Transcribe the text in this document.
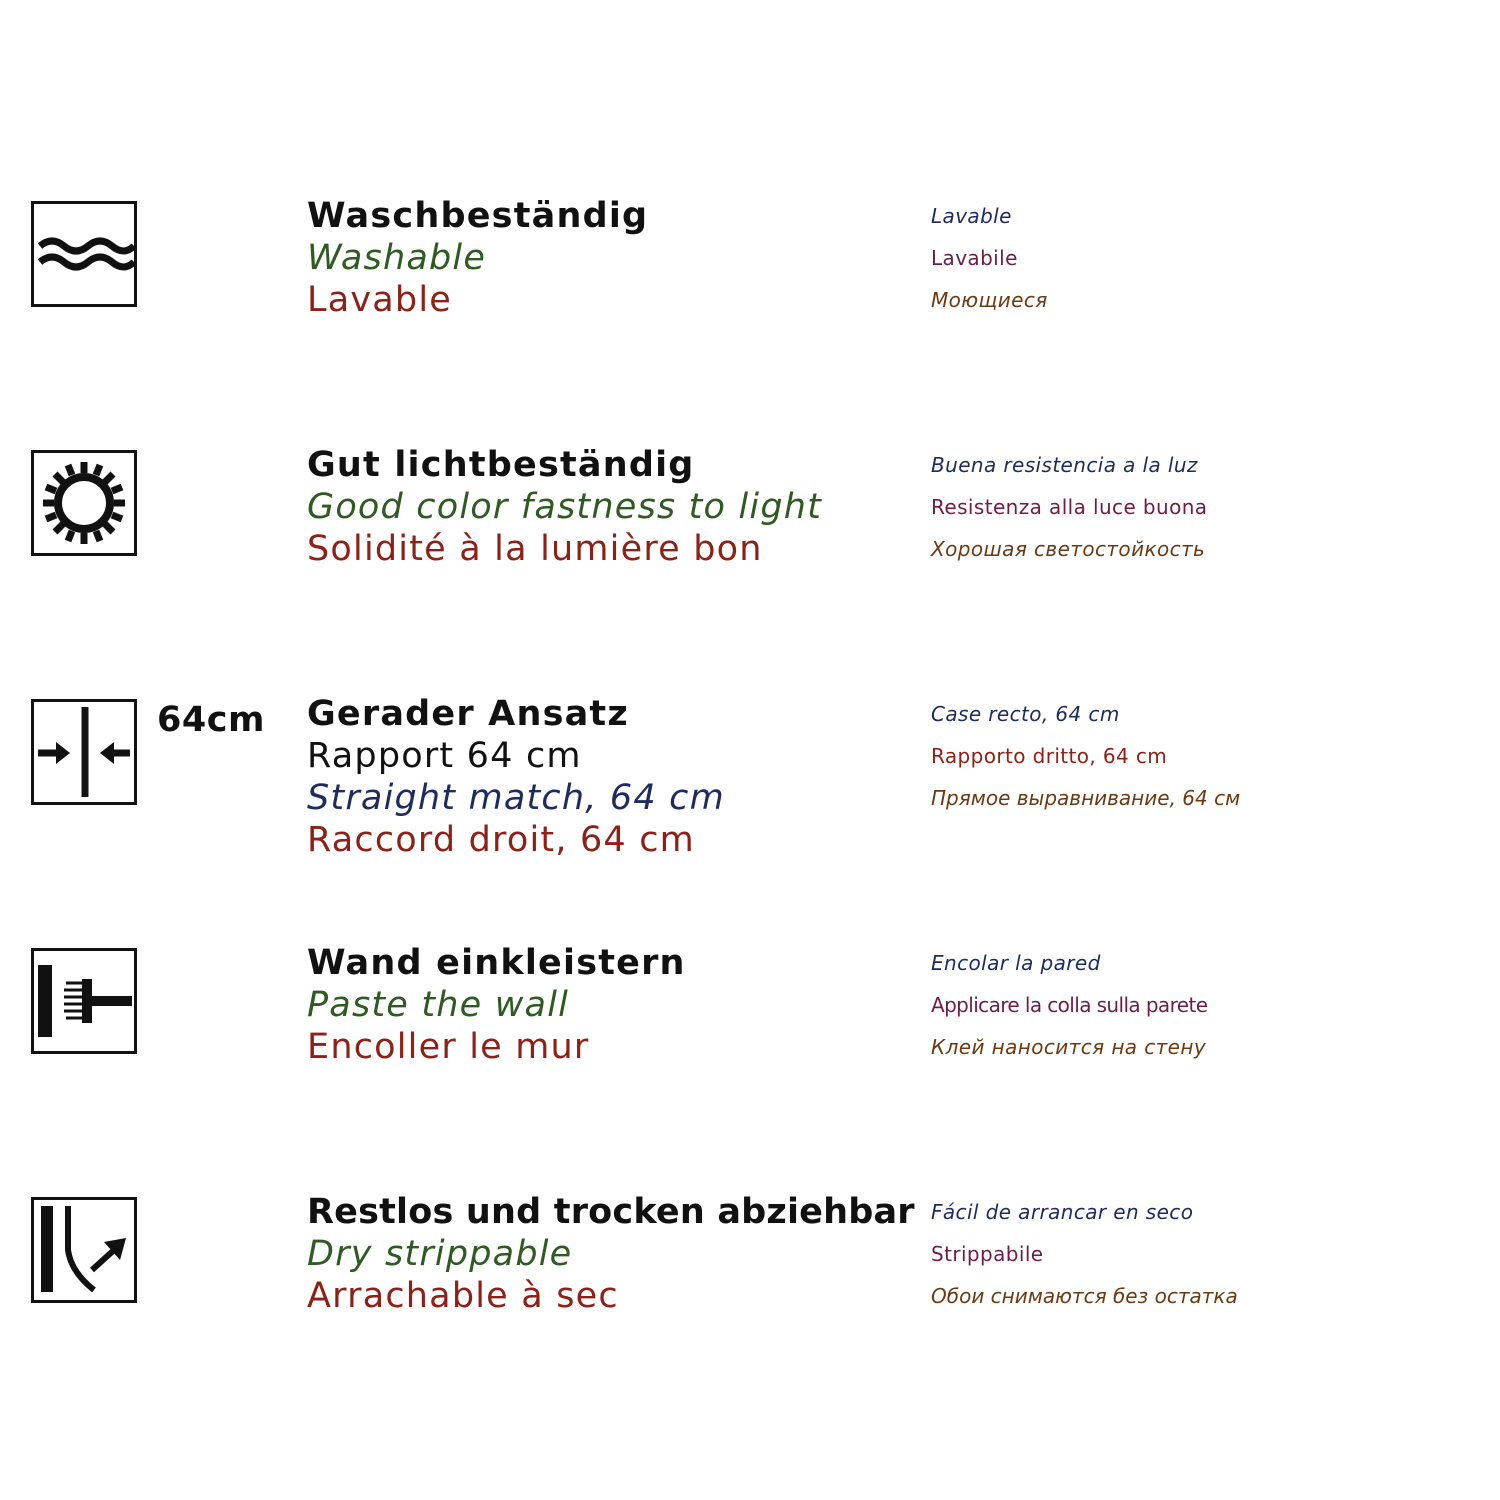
Waschbeständig
Washable
Lavable
Lavable
Lavabile
Моющиеся
Gut lichtbeständig
Good color fastness to light
Solidité à la lumière bon
Buena resistencia a la luz
Resistenza alla luce buona
Хорошая светостойкость
64cm Gerader Ansatz
Rapport 64 cm
Straight match, 64 cm
Raccord droit, 64 cm
Case recto, 64 cm
Rapporto dritto, 64 cm
Прямое выравнивание, 64 см
Wand einkleistern
Paste the wall
Encoller le mur
Encolar la pared
Applicare la colla sulla parete
Клей наносится на стену
Restlos und trocken abziehbar
Dry strippable
Arrachable à sec
Fácil de arrancar en seco
Strippabile
Обои снимаются без остатка
